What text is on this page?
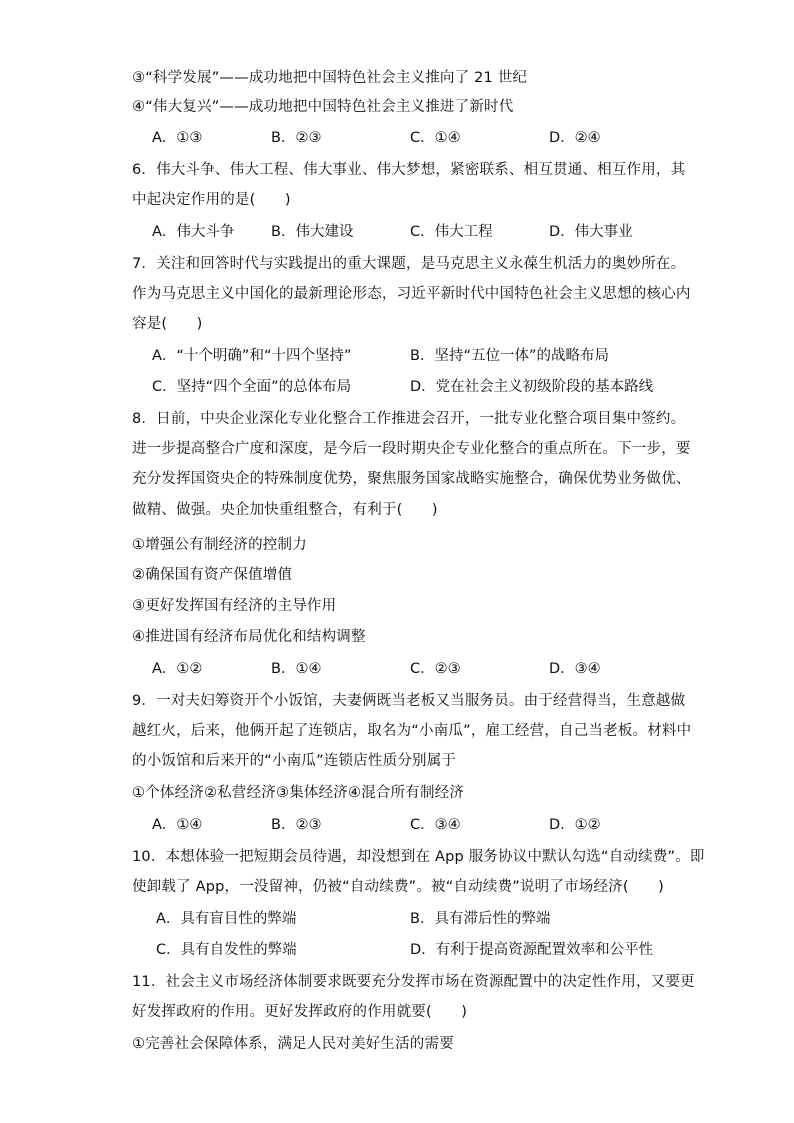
③“科学发展”——成功地把中国特色社会主义推向了 21 世纪
④“伟大复兴”——成功地把中国特色社会主义推进了新时代
A．①③	B．②③	C．①④	D．②④
6．伟大斗争、伟大工程、伟大事业、伟大梦想，紧密联系、相互贯通、相互作用，其
中起决定作用的是(　　)
A．伟大斗争	B．伟大建设	C．伟大工程	D．伟大事业
7．关注和回答时代与实践提出的重大课题，是马克思主义永葆生机活力的奥妙所在。
作为马克思主义中国化的最新理论形态，习近平新时代中国特色社会主义思想的核心内
容是(　　)
A．“十个明确”和“十四个坚持”	B．坚持“五位一体”的战略布局
C．坚持“四个全面”的总体布局	D．党在社会主义初级阶段的基本路线
8．日前，中央企业深化专业化整合工作推进会召开，一批专业化整合项目集中签约。
进一步提高整合广度和深度，是今后一段时期央企专业化整合的重点所在。下一步，要
充分发挥国资央企的特殊制度优势，聚焦服务国家战略实施整合，确保优势业务做优、
做精、做强。央企加快重组整合，有利于(　　)
①增强公有制经济的控制力
②确保国有资产保值增值
③更好发挥国有经济的主导作用
④推进国有经济布局优化和结构调整
A．①②	B．①④	C．②③	D．③④
9．一对夫妇筹资开个小饭馆，夫妻俩既当老板又当服务员。由于经营得当，生意越做
越红火，后来，他俩开起了连锁店，取名为“小南瓜”，雇工经营，自己当老板。材料中
的小饭馆和后来开的“小南瓜”连锁店性质分别属于
①个体经济②私营经济③集体经济④混合所有制经济
A．①④	B．②③	C．③④	D．①②
10．本想体验一把短期会员待遇，却没想到在 App 服务协议中默认勾选“自动续费”。即
使卸载了 App，一没留神，仍被“自动续费”。被“自动续费”说明了市场经济(　　)
A．具有盲目性的弊端	B．具有滞后性的弊端
C．具有自发性的弊端	D．有利于提高资源配置效率和公平性
11．社会主义市场经济体制要求既要充分发挥市场在资源配置中的决定性作用，又要更
好发挥政府的作用。更好发挥政府的作用就要(　　)
①完善社会保障体系，满足人民对美好生活的需要
